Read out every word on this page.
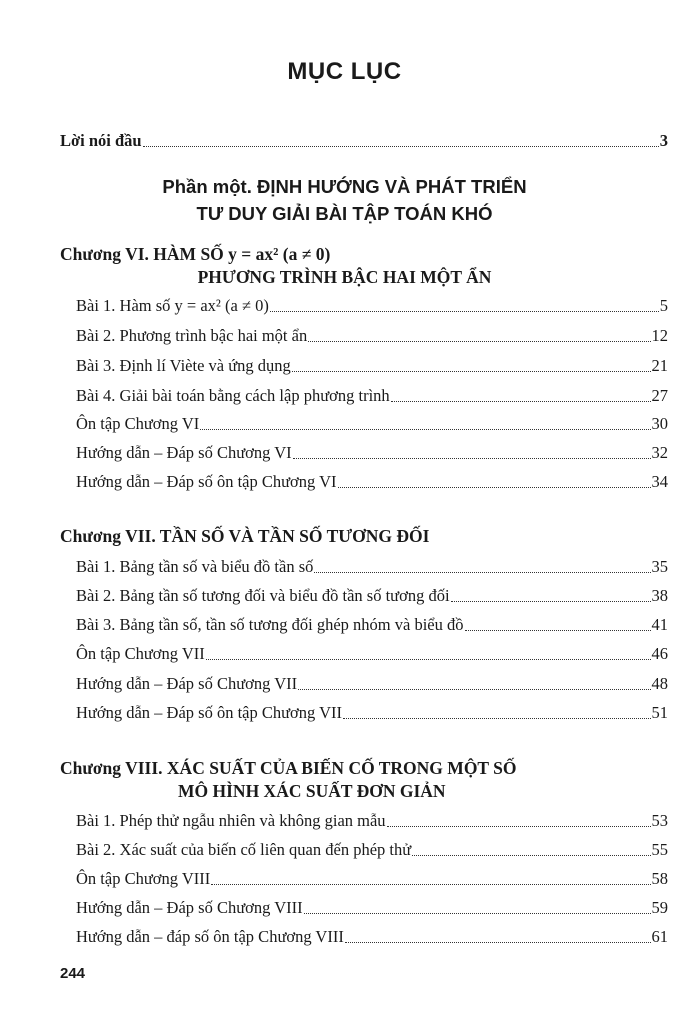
MỤC LỤC
Lời nói đầu	3
Phần một. ĐỊNH HƯỚNG VÀ PHÁT TRIỂN
TƯ DUY GIẢI BÀI TẬP TOÁN KHÓ
Chương VI. HÀM SỐ y = ax² (a ≠ 0)
PHƯƠNG TRÌNH BẬC HAI MỘT ẨN
Bài 1. Hàm số y = ax² (a ≠ 0)	5
Bài 2. Phương trình bậc hai một ẩn	12
Bài 3. Định lí Viète và ứng dụng	21
Bài 4. Giải bài toán bằng cách lập phương trình	27
Ôn tập Chương VI	30
Hướng dẫn – Đáp số Chương VI	32
Hướng dẫn – Đáp số ôn tập Chương VI	34
Chương VII. TẦN SỐ VÀ TẦN SỐ TƯƠNG ĐỐI
Bài 1. Bảng tần số và biểu đồ tần số	35
Bài 2. Bảng tần số tương đối và biểu đồ tần số tương đối	38
Bài 3. Bảng tần số, tần số tương đối ghép nhóm và biểu đồ	41
Ôn tập Chương VII	46
Hướng dẫn – Đáp số Chương VII	48
Hướng dẫn – Đáp số ôn tập Chương VII	51
Chương VIII. XÁC SUẤT CỦA BIẾN CỐ TRONG MỘT SỐ
MÔ HÌNH XÁC SUẤT ĐƠN GIẢN
Bài 1. Phép thử ngẫu nhiên và không gian mẫu	53
Bài 2. Xác suất của biến cố liên quan đến phép thử	55
Ôn tập Chương VIII	58
Hướng dẫn – Đáp số Chương VIII	59
Hướng dẫn – đáp số ôn tập Chương VIII	61
244
